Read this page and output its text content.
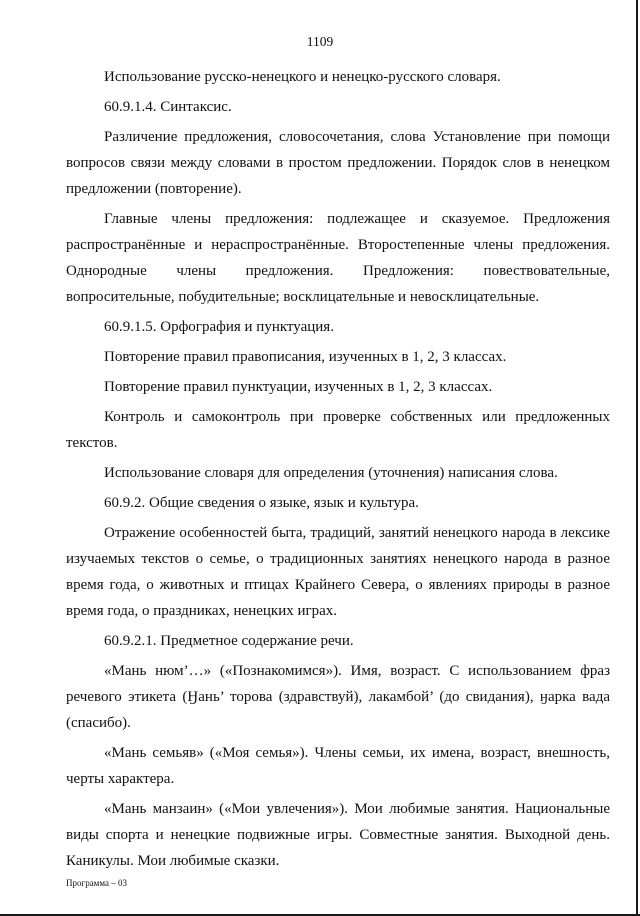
1109

Использование русско-ненецкого и ненецко-русского словаря.

60.9.1.4. Синтаксис.

Различение предложения, словосочетания, слова Установление при помощи вопросов связи между словами в простом предложении. Порядок слов в ненецком предложении (повторение).

Главные члены предложения: подлежащее и сказуемое. Предложения распространённые и нераспространённые. Второстепенные члены предложения. Однородные члены предложения. Предложения: повествовательные, вопросительные, побудительные; восклицательные и невосклицательные.

60.9.1.5. Орфография и пунктуация.

Повторение правил правописания, изученных в 1, 2, 3 классах.

Повторение правил пунктуации, изученных в 1, 2, 3 классах.

Контроль и самоконтроль при проверке собственных или предложенных текстов.

Использование словаря для определения (уточнения) написания слова.

60.9.2. Общие сведения о языке, язык и культура.

Отражение особенностей быта, традиций, занятий ненецкого народа в лексике изучаемых текстов о семье, о традиционных занятиях ненецкого народа в разное время года, о животных и птицах Крайнего Севера, о явлениях природы в разное время года, о праздниках, ненецких играх.

60.9.2.1. Предметное содержание речи.

«Мань нюм’…» («Познакомимся»). Имя, возраст. С использованием фраз речевого этикета (Ӈань’ торова (здравствуй), лакамбой’ (до свидания), ӈарка вада (спасибо).

«Мань семьяв» («Моя семья»). Члены семьи, их имена, возраст, внешность, черты характера.

«Мань манзаин» («Мои увлечения»). Мои любимые занятия. Национальные виды спорта и ненецкие подвижные игры. Совместные занятия. Выходной день. Каникулы. Мои любимые сказки.

Программа – 03
